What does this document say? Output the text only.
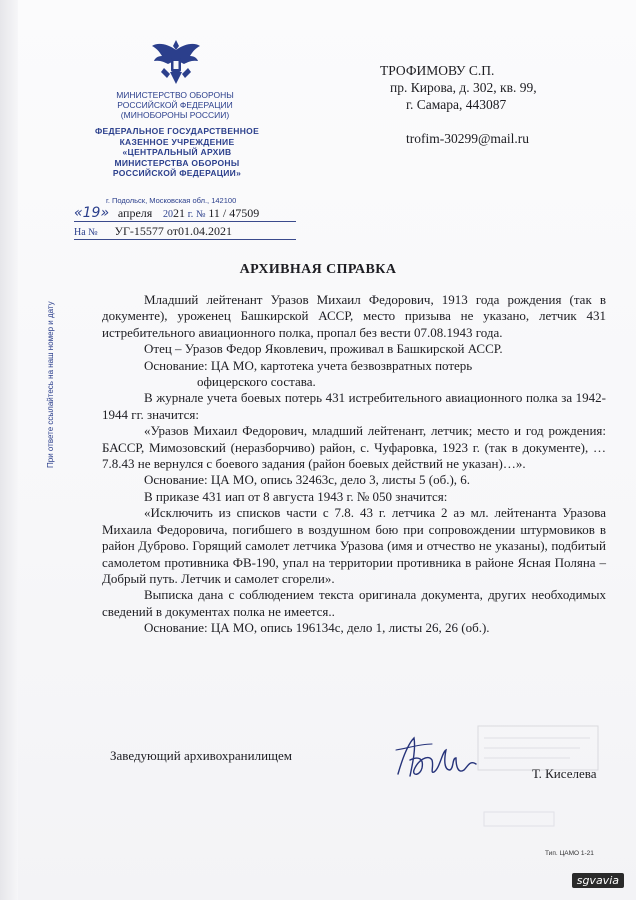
МИНИСТЕРСТВО ОБОРОНЫ
РОССИЙСКОЙ ФЕДЕРАЦИИ
(МИНОБОРОНЫ РОССИИ)
ФЕДЕРАЛЬНОЕ ГОСУДАРСТВЕННОЕ
КАЗЕННОЕ УЧРЕЖДЕНИЕ
«ЦЕНТРАЛЬНЫЙ АРХИВ
МИНИСТЕРСТВА ОБОРОНЫ
РОССИЙСКОЙ ФЕДЕРАЦИИ»
г. Подольск, Московская обл., 142100
«19» апреля 2021 г. № 11 / 47509
На № УГ-15577 от01.04.2021
При ответе ссылайтесь на наш номер и дату
ТРОФИМОВУ С.П.
пр. Кирова, д. 302, кв. 99,
г. Самара, 443087
trofim-30299@mail.ru
АРХИВНАЯ СПРАВКА

Младший лейтенант Уразов Михаил Федорович, 1913 года рождения (так в документе), уроженец Башкирской АССР, место призыва не указано, летчик 431 истребительного авиационного полка, пропал без вести 07.08.1943 года.

Отец – Уразов Федор Яковлевич, проживал в Башкирской АССР.

Основание: ЦА МО, картотека учета безвозвратных потерь

офицерского состава.

В журнале учета боевых потерь 431 истребительного авиационного полка за 1942-1944 гг. значится:

«Уразов Михаил Федорович, младший лейтенант, летчик; место и год рождения: БАССР, Мимозовский (неразборчиво) район, с. Чуфаровка, 1923 г. (так в документе), …7.8.43 не вернулся с боевого задания (район боевых действий не указан)…».

Основание: ЦА МО, опись 32463с, дело 3, листы 5 (об.), 6.

В приказе 431 иап от 8 августа 1943 г. № 050 значится:

«Исключить из списков части с 7.8. 43 г. летчика 2 аэ мл. лейтенанта Уразова Михаила Федоровича, погибшего в воздушном бою при сопровождении штурмовиков в район Дуброво. Горящий самолет летчика Уразова (имя и отчество не указаны), подбитый самолетом противника ФВ-190, упал на территории противника в районе Ясная Поляна – Добрый путь. Летчик и самолет сгорели».

Выписка дана с соблюдением текста оригинала документа, других необходимых сведений в документах полка не имеется..

Основание: ЦА МО, опись 196134с, дело 1, листы 26, 26 (об.).

Заведующий архивохранилищем
Т. Киселева
Тип. ЦАМО 1-21
sgvavia
